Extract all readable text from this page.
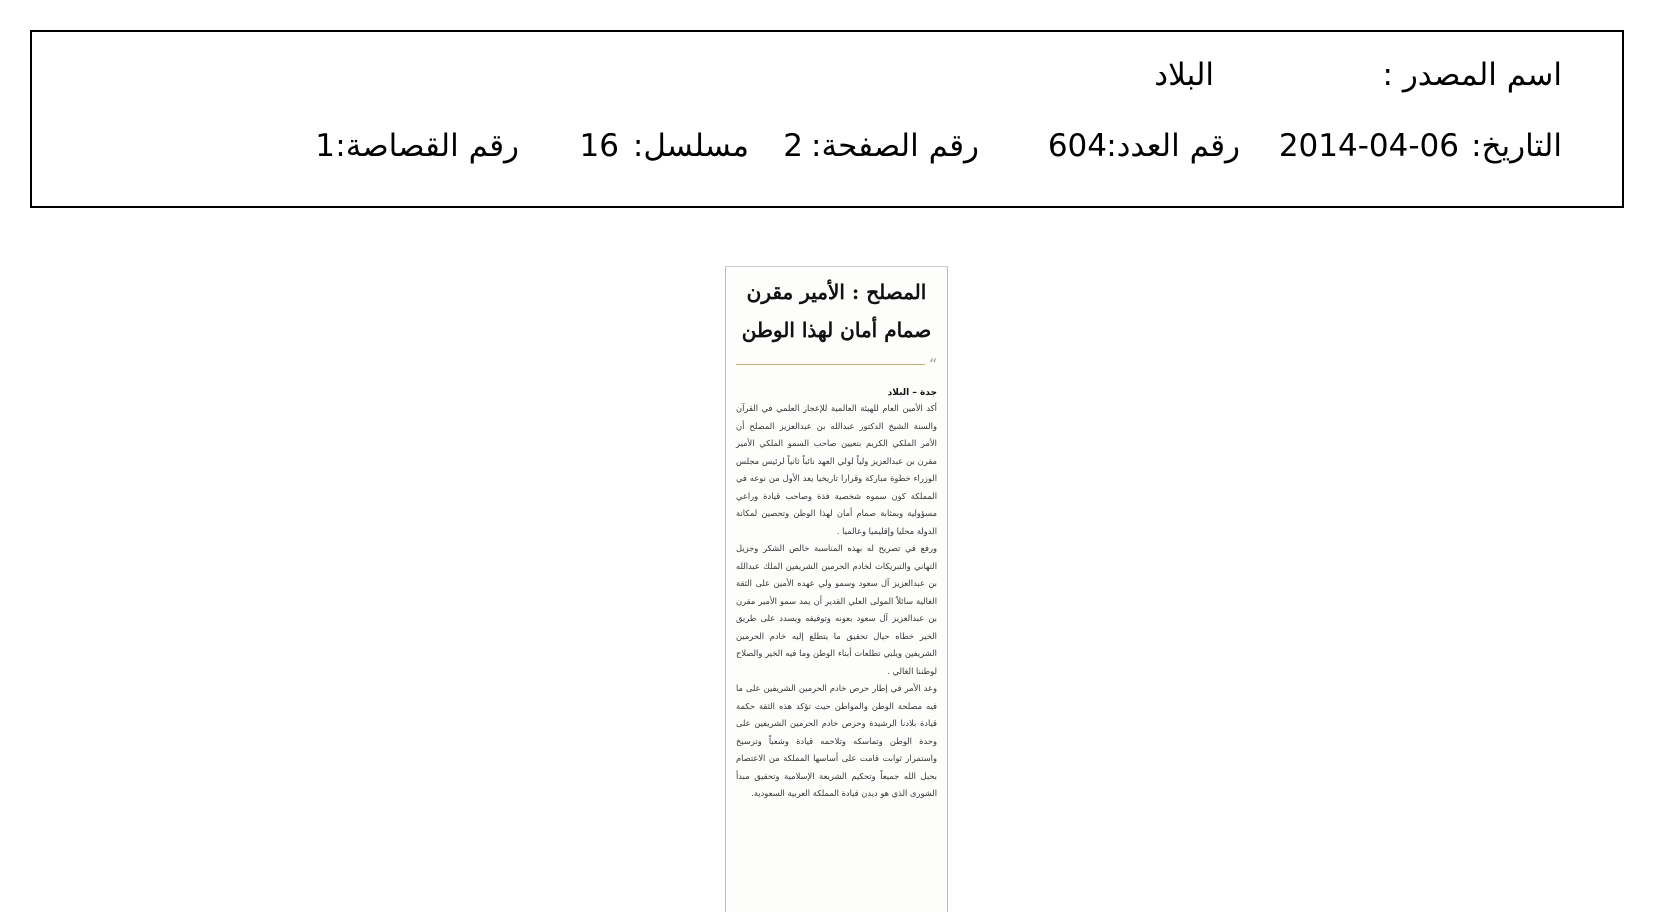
اسم المصدر :
البلاد
التاريخ:
2014-04-06
رقم العدد:
604
رقم الصفحة:
2
مسلسل:
16
رقم القصاصة:
1
المصلح : الأمير مقرن
صمام أمان لهذا الوطن
“
جدة – البلاد
أكد الأمين العام للهيئة العالمية للإعجاز العلمي في القرآن والسنة الشيخ الدكتور عبدالله بن عبدالعزيز المصلح أن الأمر الملكي الكريم بتعيين صاحب السمو الملكي الأمير مقرن بن عبدالعزيز ولياً لولي العهد نائباً ثانياً لرئيس مجلس الوزراء خطوة مباركة وقرارا تاريخيا يعد الأول من نوعه في المملكة كون سموه شخصية فذة وصاحب قيادة وراعي مسؤولية وبمثابة صمام أمان لهذا الوطن وتحصين لمكانة الدولة محليا وإقليميا وعالميا .
ورفع في تصريح له بهذه المناسبة خالص الشكر وجزيل التهاني والتبريكات لخادم الحرمين الشريفين الملك عبدالله بن عبدالعزيز آل سعود وسمو ولي عهده الأمين على الثقة الغالية سائلاً المولى العلي القدير أن يمد سمو الأمير مقرن بن عبدالعزيز آل سعود بعونه وتوفيقه ويسدد على طريق الخير خطاه حيال تحقيق ما يتطلع إليه خادم الحرمين الشريفين ويلبي تطلعات أبناء الوطن وما فيه الخير والصلاح لوطننا الغالي .
وعد الأمر في إطار حرص خادم الحرمين الشريفين على ما فيه مصلحة الوطن والمواطن حيث تؤكد هذه الثقة حكمة قيادة بلادنا الرشيدة وحرص خادم الحرمين الشريفين على وحدة الوطن وتماسكه وتلاحمه قيادة وشعباً وترسيخ واستمرار ثوابت قامت على أساسها المملكة من الاعتصام بحبل الله جميعاً وتحكيم الشريعة الإسلامية وتحقيق مبدأ الشورى الذي هو ديدن قيادة المملكة العربية السعودية.
